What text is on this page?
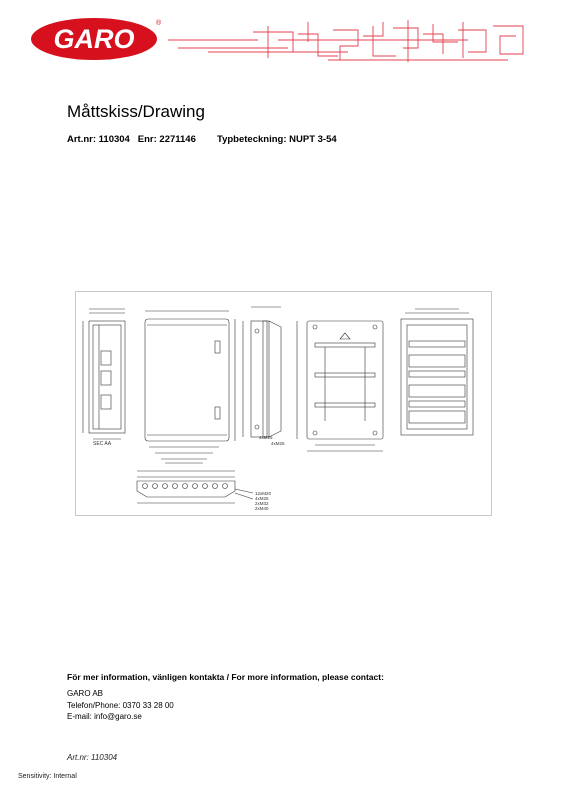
GARO
®
Måttskiss/Drawing
Art.nr: 110304 Enr: 2271146 Typbeteckning: NUPT 3-54
SEC AA
4xM25
4xM25
12xM20
4xM25
2xM32
2xM40
För mer information, vänligen kontakta / For more information, please contact:
GARO AB
Telefon/Phone: 0370 33 28 00
E-mail: info@garo.se
Art.nr: 110304
Sensitivity: Internal
